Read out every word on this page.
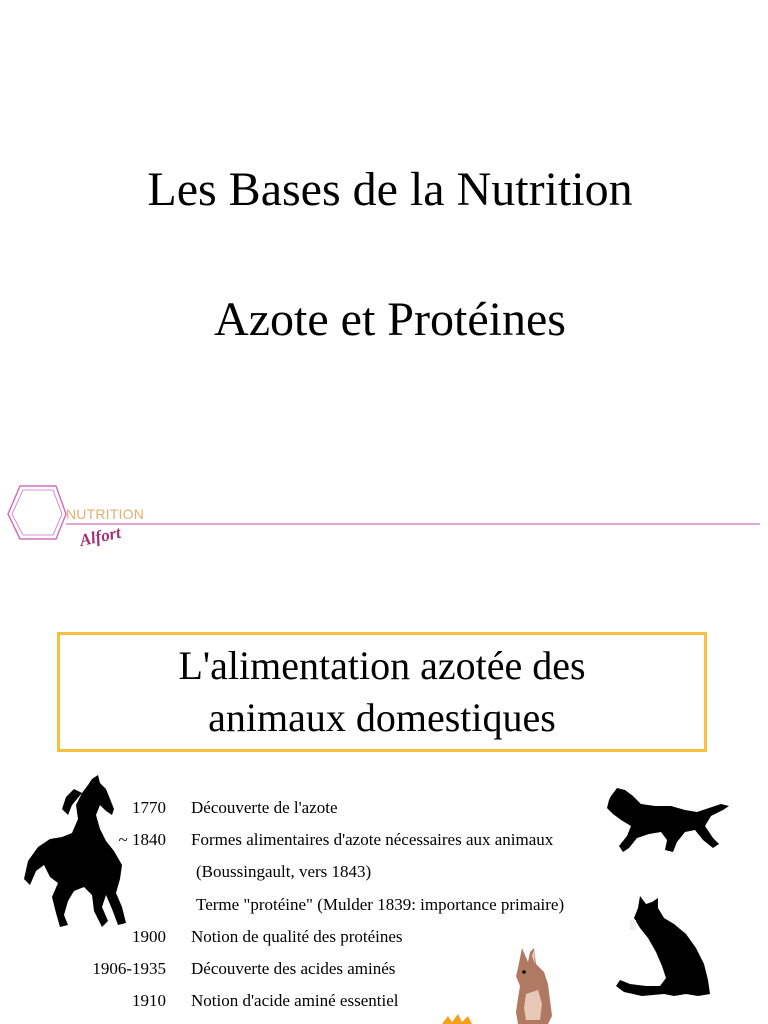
Les Bases de la Nutrition
Azote et Protéines
NUTRITION
Alfort
L'alimentation azotée des
animaux domestiques
1770 Découverte de l'azote
~ 1840 Formes alimentaires d'azote nécessaires aux animaux
(Boussingault, vers 1843)
Terme "protéine" (Mulder 1839: importance primaire)
1900 Notion de qualité des protéines
1906-1935 Découverte des acides aminés
1910 Notion d'acide aminé essentiel
